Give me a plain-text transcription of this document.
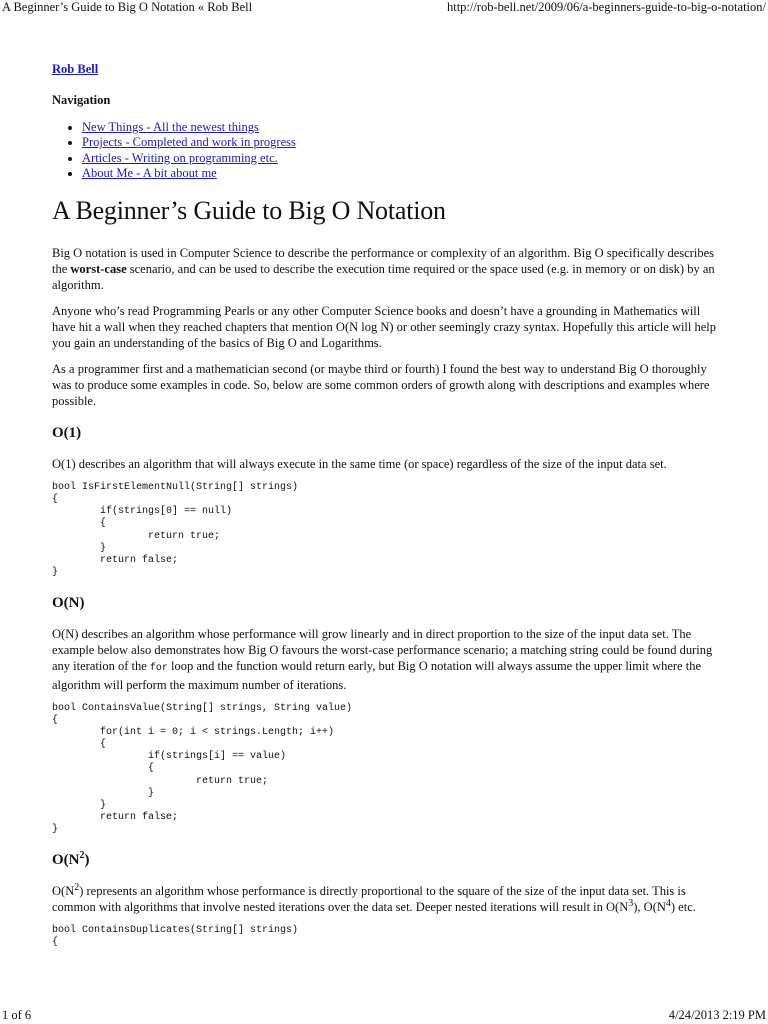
A Beginner’s Guide to Big O Notation « Rob Bell	http://rob-bell.net/2009/06/a-beginners-guide-to-big-o-notation/
Rob Bell
Navigation
• New Things - All the newest things
• Projects - Completed and work in progress
• Articles - Writing on programming etc.
• About Me - A bit about me
A Beginner’s Guide to Big O Notation

Big O notation is used in Computer Science to describe the performance or complexity of an algorithm. Big O specifically describes the worst-case scenario, and can be used to describe the execution time required or the space used (e.g. in memory or on disk) by an algorithm.

Anyone who’s read Programming Pearls or any other Computer Science books and doesn’t have a grounding in Mathematics will have hit a wall when they reached chapters that mention O(N log N) or other seemingly crazy syntax. Hopefully this article will help you gain an understanding of the basics of Big O and Logarithms.

As a programmer first and a mathematician second (or maybe third or fourth) I found the best way to understand Big O thoroughly was to produce some examples in code. So, below are some common orders of growth along with descriptions and examples where possible.

O(1)

O(1) describes an algorithm that will always execute in the same time (or space) regardless of the size of the input data set.

bool IsFirstElementNull(String[] strings)
{
if(strings[0] == null)
{
return true;
}
return false;
}
O(N)

O(N) describes an algorithm whose performance will grow linearly and in direct proportion to the size of the input data set. The example below also demonstrates how Big O favours the worst-case performance scenario; a matching string could be found during any iteration of the for loop and the function would return early, but Big O notation will always assume the upper limit where the algorithm will perform the maximum number of iterations.

bool ContainsValue(String[] strings, String value)
{
for(int i = 0; i < strings.Length; i++)
{
if(strings[i] == value)
{
return true;
}
}
return false;
}
$O(N^2)$

$O(N^2)$ represents an algorithm whose performance is directly proportional to the square of the size of the input data set. This is common with algorithms that involve nested iterations over the data set. Deeper nested iterations will result in $O(N^3)$, $O(N^4)$ etc.

bool ContainsDuplicates(String[] strings)
{
1 of 6	4/24/2013 2:19 PM
